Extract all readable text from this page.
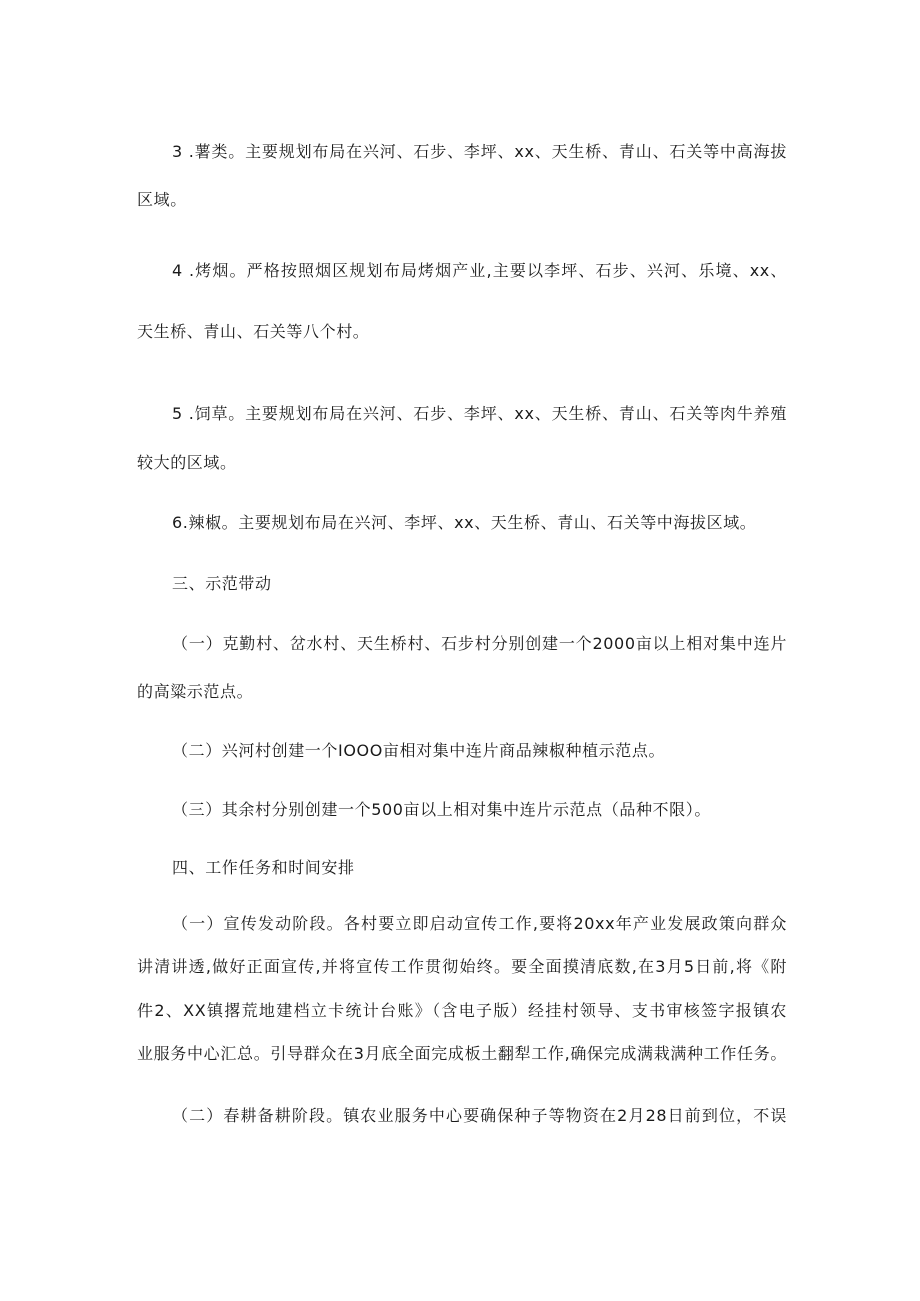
3 .薯类。主要规划布局在兴河、石步、李坪、xx、天生桥、青山、石关等中高海拔
区域。
4 .烤烟。严格按照烟区规划布局烤烟产业,主要以李坪、石步、兴河、乐境、xx、
天生桥、青山、石关等八个村。
5 .饲草。主要规划布局在兴河、石步、李坪、xx、天生桥、青山、石关等肉牛养殖
较大的区域。
6.辣椒。主要规划布局在兴河、李坪、xx、天生桥、青山、石关等中海拔区域。
三、示范带动
（一）克勤村、岔水村、天生桥村、石步村分别创建一个2000亩以上相对集中连片
的高粱示范点。
（二）兴河村创建一个IOOO亩相对集中连片商品辣椒种植示范点。
（三）其余村分别创建一个500亩以上相对集中连片示范点（品种不限）。
四、工作任务和时间安排
（一）宣传发动阶段。各村要立即启动宣传工作,要将20xx年产业发展政策向群众
讲清讲透,做好正面宣传,并将宣传工作贯彻始终。要全面摸清底数,在3月5日前,将《附
件2、XX镇撂荒地建档立卡统计台账》（含电子版）经挂村领导、支书审核签字报镇农
业服务中心汇总。引导群众在3月底全面完成板土翻犁工作,确保完成满栽满种工作任务。
（二）春耕备耕阶段。镇农业服务中心要确保种子等物资在2月28日前到位，不误
